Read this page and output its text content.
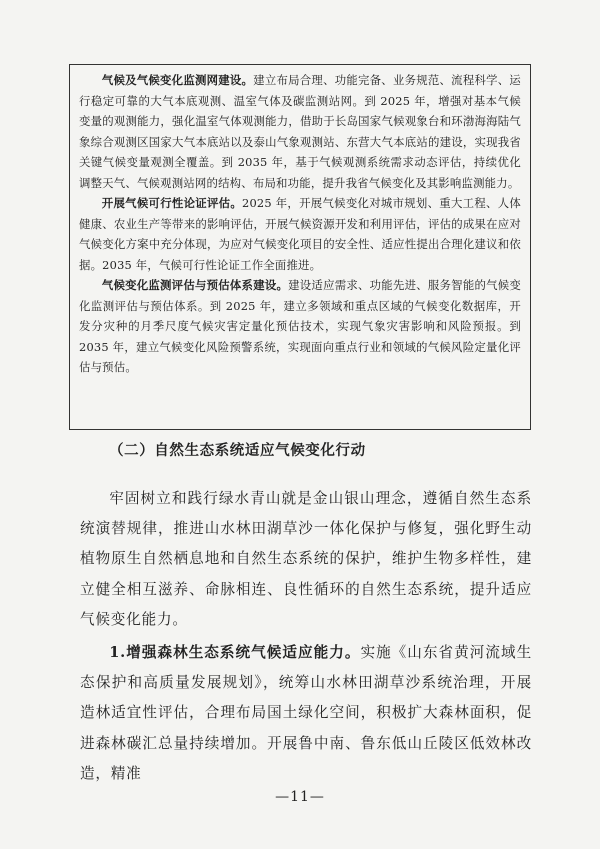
气候及气候变化监测网建设。建立布局合理、功能完备、业务规范、流程科学、运行稳定可靠的大气本底观测、温室气体及碳监测站网。到 2025 年，增强对基本气候变量的观测能力，强化温室气体观测能力，借助于长岛国家气候观象台和环渤海海陆气象综合观测区国家大气本底站以及泰山气象观测站、东营大气本底站的建设，实现我省关键气候变量观测全覆盖。到 2035 年，基于气候观测系统需求动态评估，持续优化调整天气、气候观测站网的结构、布局和功能，提升我省气候变化及其影响监测能力。

开展气候可行性论证评估。2025 年，开展气候变化对城市规划、重大工程、人体健康、农业生产等带来的影响评估，开展气候资源开发和利用评估，评估的成果在应对气候变化方案中充分体现，为应对气候变化项目的安全性、适应性提出合理化建议和依据。2035 年，气候可行性论证工作全面推进。

气候变化监测评估与预估体系建设。建设适应需求、功能先进、服务智能的气候变化监测评估与预估体系。到 2025 年，建立多领域和重点区域的气候变化数据库，开发分灾种的月季尺度气候灾害定量化预估技术，实现气象灾害影响和风险预报。到 2035 年，建立气候变化风险预警系统，实现面向重点行业和领域的气候风险定量化评估与预估。

（二）自然生态系统适应气候变化行动

牢固树立和践行绿水青山就是金山银山理念，遵循自然生态系统演替规律，推进山水林田湖草沙一体化保护与修复，强化野生动植物原生自然栖息地和自然生态系统的保护，维护生物多样性，建立健全相互滋养、命脉相连、良性循环的自然生态系统，提升适应气候变化能力。

1.增强森林生态系统气候适应能力。实施《山东省黄河流域生态保护和高质量发展规划》，统筹山水林田湖草沙系统治理，开展造林适宜性评估，合理布局国土绿化空间，积极扩大森林面积，促进森林碳汇总量持续增加。开展鲁中南、鲁东低山丘陵区低效林改造，精准

—11—
